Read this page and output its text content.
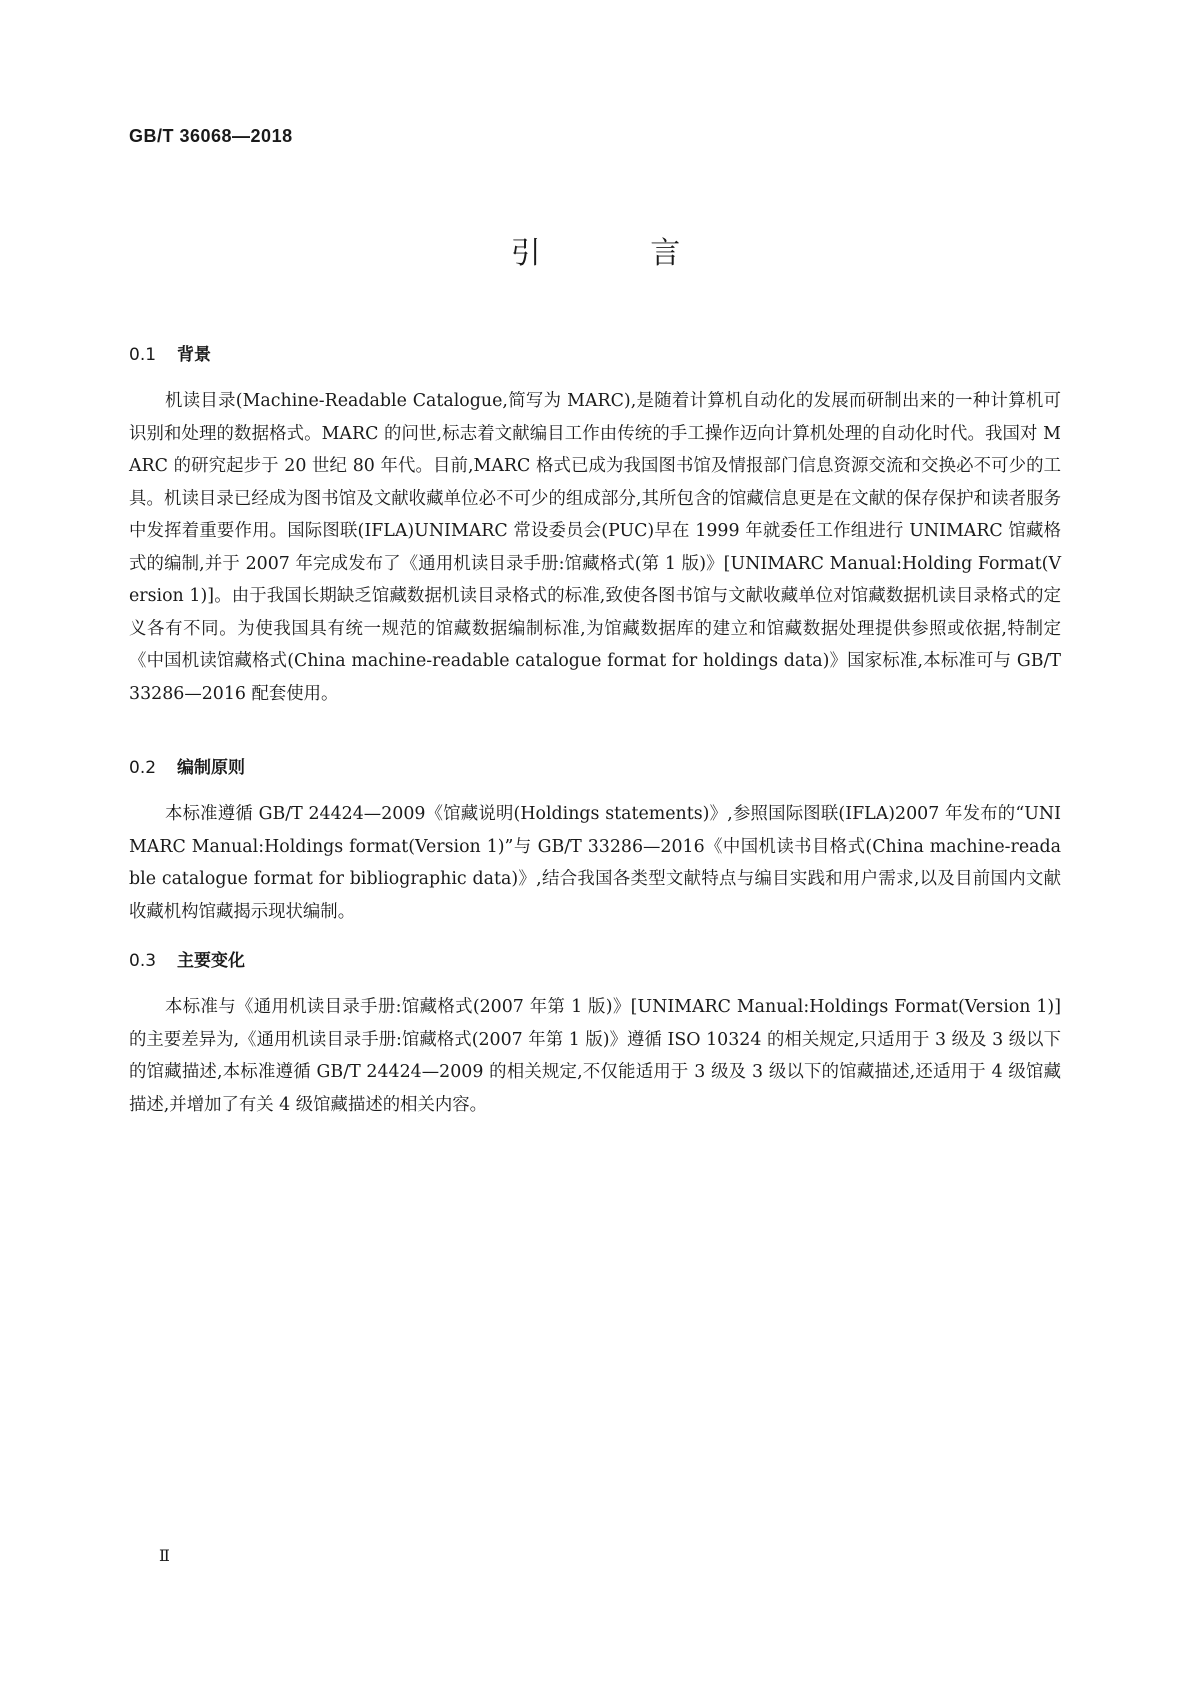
GB/T 36068—2018
引 言
0.1 背景

机读目录(Machine-Readable Catalogue,简写为 MARC),是随着计算机自动化的发展而研制出来的一种计算机可识别和处理的数据格式。MARC 的问世,标志着文献编目工作由传统的手工操作迈向计算机处理的自动化时代。我国对 MARC 的研究起步于 20 世纪 80 年代。目前,MARC 格式已成为我国图书馆及情报部门信息资源交流和交换必不可少的工具。机读目录已经成为图书馆及文献收藏单位必不可少的组成部分,其所包含的馆藏信息更是在文献的保存保护和读者服务中发挥着重要作用。国际图联(IFLA)UNIMARC 常设委员会(PUC)早在 1999 年就委任工作组进行 UNIMARC 馆藏格式的编制,并于 2007 年完成发布了《通用机读目录手册:馆藏格式(第 1 版)》[UNIMARC Manual:Holding Format(Version 1)]。由于我国长期缺乏馆藏数据机读目录格式的标准,致使各图书馆与文献收藏单位对馆藏数据机读目录格式的定义各有不同。为使我国具有统一规范的馆藏数据编制标准,为馆藏数据库的建立和馆藏数据处理提供参照或依据,特制定《中国机读馆藏格式(China machine-readable catalogue format for holdings data)》国家标准,本标准可与 GB/T 33286—2016 配套使用。

0.2 编制原则

本标准遵循 GB/T 24424—2009《馆藏说明(Holdings statements)》,参照国际图联(IFLA)2007 年发布的“UNIMARC Manual:Holdings format(Version 1)”与 GB/T 33286—2016《中国机读书目格式(China machine-readable catalogue format for bibliographic data)》,结合我国各类型文献特点与编目实践和用户需求,以及目前国内文献收藏机构馆藏揭示现状编制。

0.3 主要变化

本标准与《通用机读目录手册:馆藏格式(2007 年第 1 版)》[UNIMARC Manual:Holdings Format(Version 1)]的主要差异为,《通用机读目录手册:馆藏格式(2007 年第 1 版)》遵循 ISO 10324 的相关规定,只适用于 3 级及 3 级以下的馆藏描述,本标准遵循 GB/T 24424—2009 的相关规定,不仅能适用于 3 级及 3 级以下的馆藏描述,还适用于 4 级馆藏描述,并增加了有关 4 级馆藏描述的相关内容。

Ⅱ
